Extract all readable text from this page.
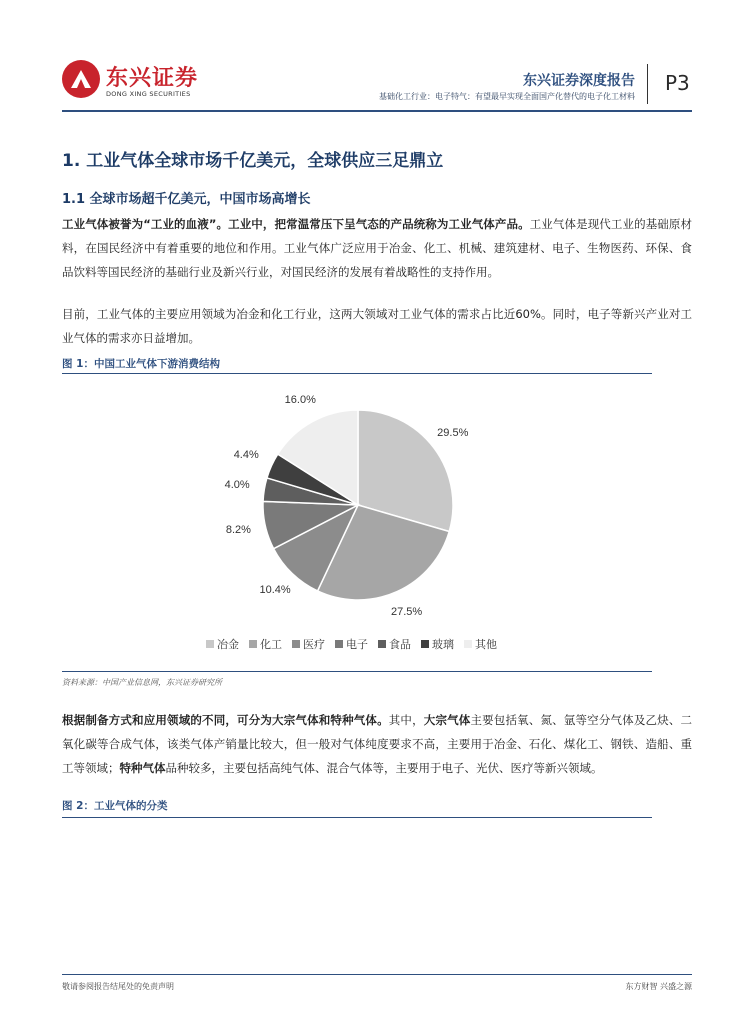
东兴证券
DONG XING SECURITIES
东兴证券深度报告
基础化工行业：电子特气：有望最早实现全面国产化替代的电子化工材料
P3
1. 工业气体全球市场千亿美元，全球供应三足鼎立
1.1 全球市场超千亿美元，中国市场高增长
工业气体被誉为“工业的血液”。工业中，把常温常压下呈气态的产品统称为工业气体产品。工业气体是现代工业的基础原材料，在国民经济中有着重要的地位和作用。工业气体广泛应用于冶金、化工、机械、建筑建材、电子、生物医药、环保、食品饮料等国民经济的基础行业及新兴行业，对国民经济的发展有着战略性的支持作用。
目前，工业气体的主要应用领域为冶金和化工行业，这两大领域对工业气体的需求占比近60%。同时，电子等新兴产业对工业气体的需求亦日益增加。
图 1：中国工业气体下游消费结构
29.5%
27.5%
10.4%
8.2%
4.0%
4.4%
16.0%
冶金 化工 医疗 电子 食品 玻璃 其他
资料来源：中国产业信息网，东兴证券研究所
根据制备方式和应用领域的不同，可分为大宗气体和特种气体。其中，大宗气体主要包括氧、氮、氩等空分气体及乙炔、二氧化碳等合成气体，该类气体产销量比较大，但一般对气体纯度要求不高，主要用于冶金、石化、煤化工、钢铁、造船、重工等领域；特种气体品种较多，主要包括高纯气体、混合气体等，主要用于电子、光伏、医疗等新兴领域。
图 2：工业气体的分类
敬请参阅报告结尾处的免责声明	东方财智 兴盛之源
